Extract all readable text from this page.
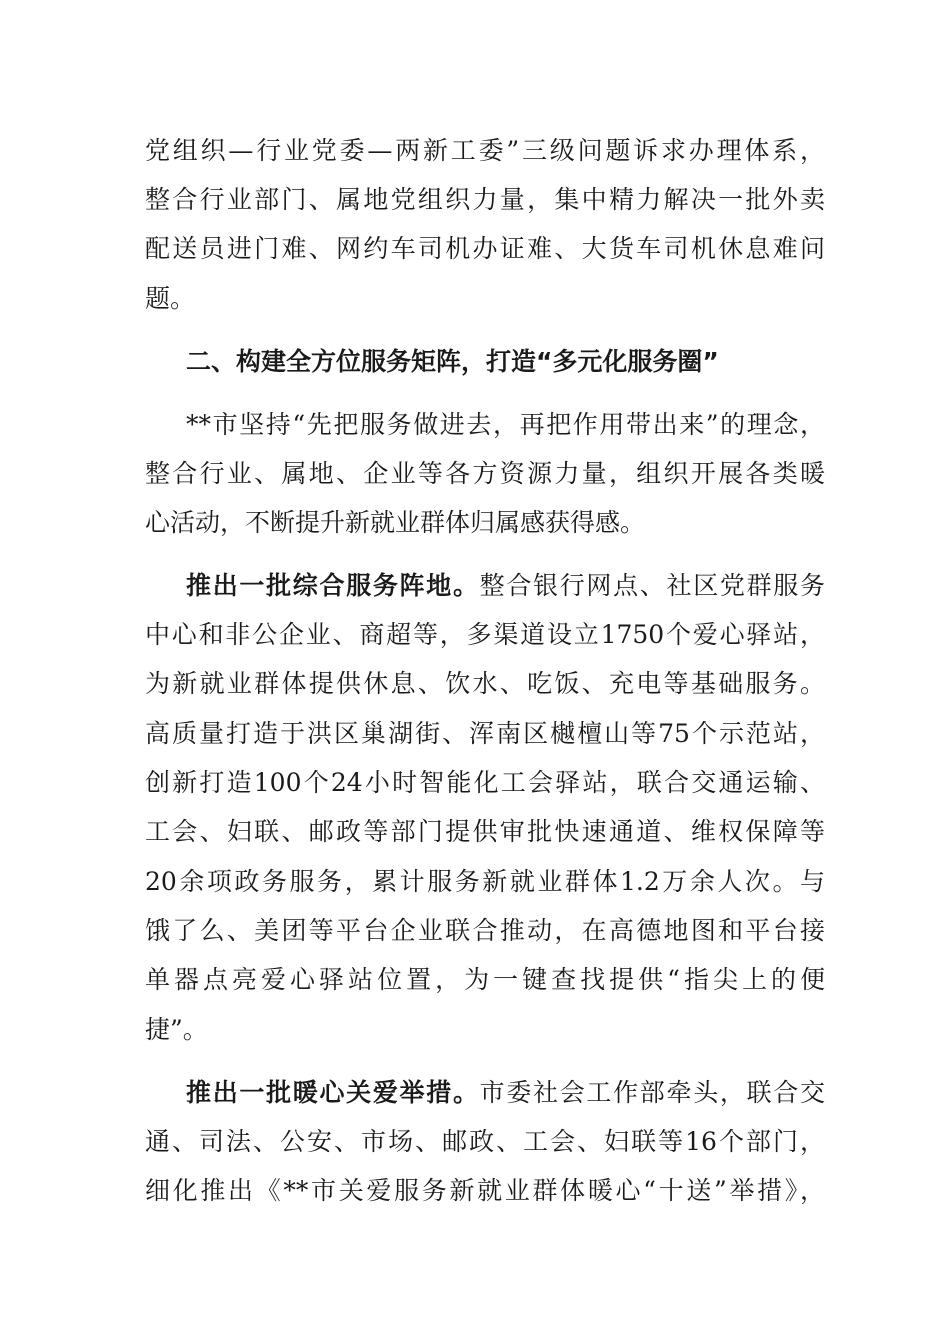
党组织—行业党委—两新工委”三级问题诉求办理体系，
整合行业部门、属地党组织力量，集中精力解决一批外卖
配送员进门难、网约车司机办证难、大货车司机休息难问
题。
二、构建全方位服务矩阵，打造“多元化服务圈”
**市坚持“先把服务做进去，再把作用带出来”的理念，
整合行业、属地、企业等各方资源力量，组织开展各类暖
心活动，不断提升新就业群体归属感获得感。
推出一批综合服务阵地。整合银行网点、社区党群服务
中心和非公企业、商超等，多渠道设立1750个爱心驿站，
为新就业群体提供休息、饮水、吃饭、充电等基础服务。
高质量打造于洪区巢湖街、浑南区樾檀山等75个示范站，
创新打造100个24小时智能化工会驿站，联合交通运输、
工会、妇联、邮政等部门提供审批快速通道、维权保障等
20余项政务服务，累计服务新就业群体1.2万余人次。与
饿了么、美团等平台企业联合推动，在高德地图和平台接
单器点亮爱心驿站位置，为一键查找提供“指尖上的便
捷”。
推出一批暖心关爱举措。市委社会工作部牵头，联合交
通、司法、公安、市场、邮政、工会、妇联等16个部门，
细化推出《**市关爱服务新就业群体暖心“十送”举措》，
